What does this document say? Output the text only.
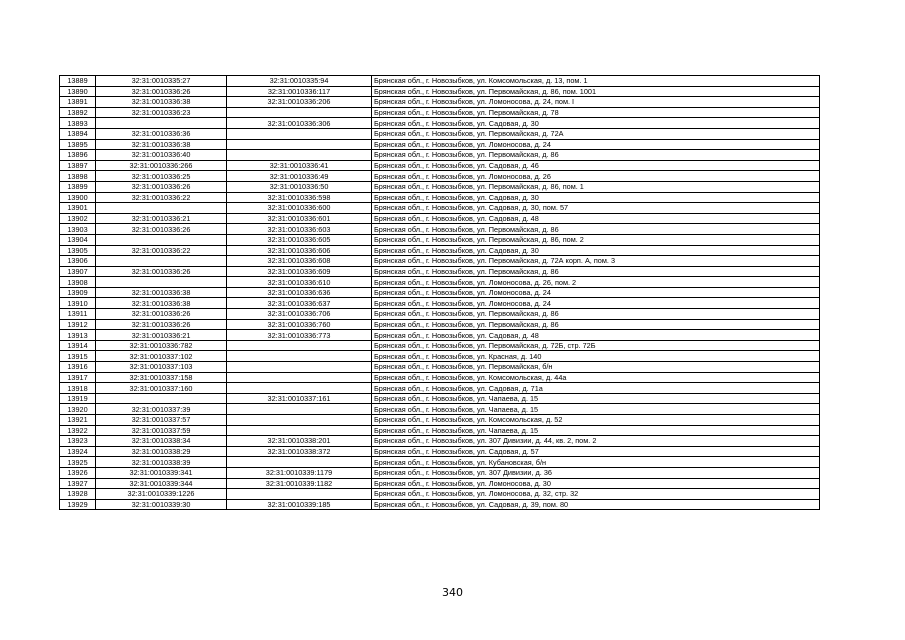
13889	32:31:0010335:27	32:31:0010335:94	Брянская обл., г. Новозыбков, ул. Комсомольская, д. 13, пом. 1
13890	32:31:0010336:26	32:31:0010336:117	Брянская обл., г. Новозыбков, ул. Первомайская, д. 86, пом. 1001
13891	32:31:0010336:38	32:31:0010336:206	Брянская обл., г. Новозыбков, ул. Ломоносова, д. 24, пом. I
13892	32:31:0010336:23		Брянская обл., г. Новозыбков, ул. Первомайская, д. 78
13893		32:31:0010336:306	Брянская обл., г. Новозыбков, ул. Садовая, д. 30
13894	32:31:0010336:36		Брянская обл., г. Новозыбков, ул. Первомайская, д. 72А
13895	32:31:0010336:38		Брянская обл., г. Новозыбков, ул. Ломоносова, д. 24
13896	32:31:0010336:40		Брянская обл., г. Новозыбков, ул. Первомайская, д. 86
13897	32:31:0010336:266	32:31:0010336:41	Брянская обл., г. Новозыбков, ул. Садовая, д. 46
13898	32:31:0010336:25	32:31:0010336:49	Брянская обл., г. Новозыбков, ул. Ломоносова, д. 26
13899	32:31:0010336:26	32:31:0010336:50	Брянская обл., г. Новозыбков, ул. Первомайская, д. 86, пом. 1
13900	32:31:0010336:22	32:31:0010336:598	Брянская обл., г. Новозыбков, ул. Садовая, д. 30
13901		32:31:0010336:600	Брянская обл., г. Новозыбков, ул. Садовая, д. 30, пом. 57
13902	32:31:0010336:21	32:31:0010336:601	Брянская обл., г. Новозыбков, ул. Садовая, д. 48
13903	32:31:0010336:26	32:31:0010336:603	Брянская обл., г. Новозыбков, ул. Первомайская, д. 86
13904		32:31:0010336:605	Брянская обл., г. Новозыбков, ул. Первомайская, д. 86, пом. 2
13905	32:31:0010336:22	32:31:0010336:606	Брянская обл., г. Новозыбков, ул. Садовая, д. 30
13906		32:31:0010336:608	Брянская обл., г. Новозыбков, ул. Первомайская, д. 72А корп. А, пом. 3
13907	32:31:0010336:26	32:31:0010336:609	Брянская обл., г. Новозыбков, ул. Первомайская, д. 86
13908		32:31:0010336:610	Брянская обл., г. Новозыбков, ул. Ломоносова, д. 26, пом. 2
13909	32:31:0010336:38	32:31:0010336:636	Брянская обл., г. Новозыбков, ул. Ломоносова, д. 24
13910	32:31:0010336:38	32:31:0010336:637	Брянская обл., г. Новозыбков, ул. Ломоносова, д. 24
13911	32:31:0010336:26	32:31:0010336:706	Брянская обл., г. Новозыбков, ул. Первомайская, д. 86
13912	32:31:0010336:26	32:31:0010336:760	Брянская обл., г. Новозыбков, ул. Первомайская, д. 86
13913	32:31:0010336:21	32:31:0010336:773	Брянская обл., г. Новозыбков, ул. Садовая, д. 48
13914	32:31:0010336:782		Брянская обл., г. Новозыбков, ул. Первомайская, д. 72Б, стр. 72Б
13915	32:31:0010337:102		Брянская обл., г. Новозыбков, ул. Красная, д. 140
13916	32:31:0010337:103		Брянская обл., г. Новозыбков, ул. Первомайская, б/н
13917	32:31:0010337:158		Брянская обл., г. Новозыбков, ул. Комсомольская, д. 44а
13918	32:31:0010337:160		Брянская обл., г. Новозыбков, ул. Садовая, д. 71а
13919		32:31:0010337:161	Брянская обл., г. Новозыбков, ул. Чапаева, д. 15
13920	32:31:0010337:39		Брянская обл., г. Новозыбков, ул. Чапаева, д. 15
13921	32:31:0010337:57		Брянская обл., г. Новозыбков, ул. Комсомольская, д. 52
13922	32:31:0010337:59		Брянская обл., г. Новозыбков, ул. Чапаева, д. 15
13923	32:31:0010338:34	32:31:0010338:201	Брянская обл., г. Новозыбков, ул. 307 Дивизии, д. 44, кв. 2, пом. 2
13924	32:31:0010338:29	32:31:0010338:372	Брянская обл., г. Новозыбков, ул. Садовая, д. 57
13925	32:31:0010338:39		Брянская обл., г. Новозыбков, ул. Кубановская, б/н
13926	32:31:0010339:341	32:31:0010339:1179	Брянская обл., г. Новозыбков, ул. 307 Дивизии, д. 36
13927	32:31:0010339:344	32:31:0010339:1182	Брянская обл., г. Новозыбков, ул. Ломоносова, д. 30
13928	32:31:0010339:1226		Брянская обл., г. Новозыбков, ул. Ломоносова, д. 32, стр. 32
13929	32:31:0010339:30	32:31:0010339:185	Брянская обл., г. Новозыбков, ул. Садовая, д. 39, пом. 80
340
